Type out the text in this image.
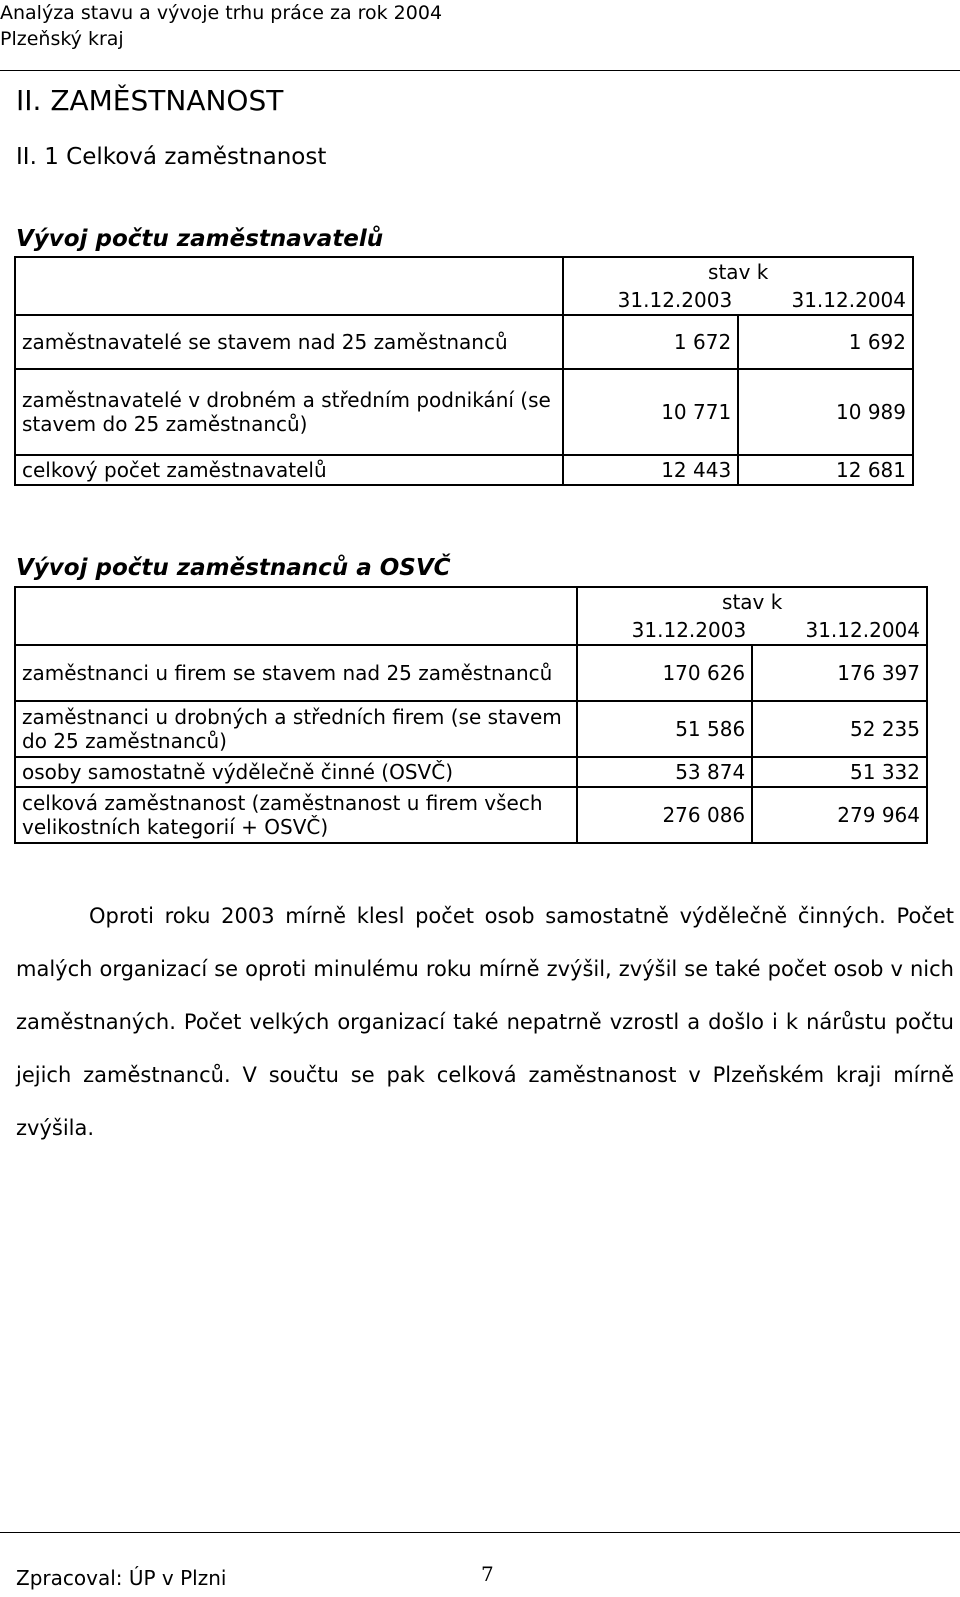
Analýza stavu a vývoje trhu práce za rok 2004
Plzeňský kraj
II. ZAMĚSTNANOST
II. 1 Celková zaměstnanost
Vývoj počtu zaměstnavatelů
	stav k	
	31.12.2003	31.12.2004
zaměstnavatelé se stavem nad 25 zaměstnanců	1 672	1 692
zaměstnavatelé v drobném a středním podnikání (se stavem do 25 zaměstnanců)	10 771	10 989
celkový počet zaměstnavatelů	12 443	12 681
Vývoj počtu zaměstnanců a OSVČ
	stav k	
	31.12.2003	31.12.2004
zaměstnanci u firem se stavem nad 25 zaměstnanců	170 626	176 397
zaměstnanci u drobných a středních firem (se stavem do 25 zaměstnanců)	51 586	52 235
osoby samostatně výdělečně činné (OSVČ)	53 874	51 332
celková zaměstnanost (zaměstnanost u firem všech velikostních kategorií + OSVČ)	276 086	279 964

Oproti roku 2003 mírně klesl počet osob samostatně výdělečně činných. Počet malých organizací se oproti minulému roku mírně zvýšil, zvýšil se také počet osob v nich zaměstnaných. Počet velkých organizací také nepatrně vzrostl a došlo i k nárůstu počtu jejich zaměstnanců. V součtu se pak celková zaměstnanost v Plzeňském kraji mírně zvýšila.

Zpracoval: ÚP v Plzni	7
